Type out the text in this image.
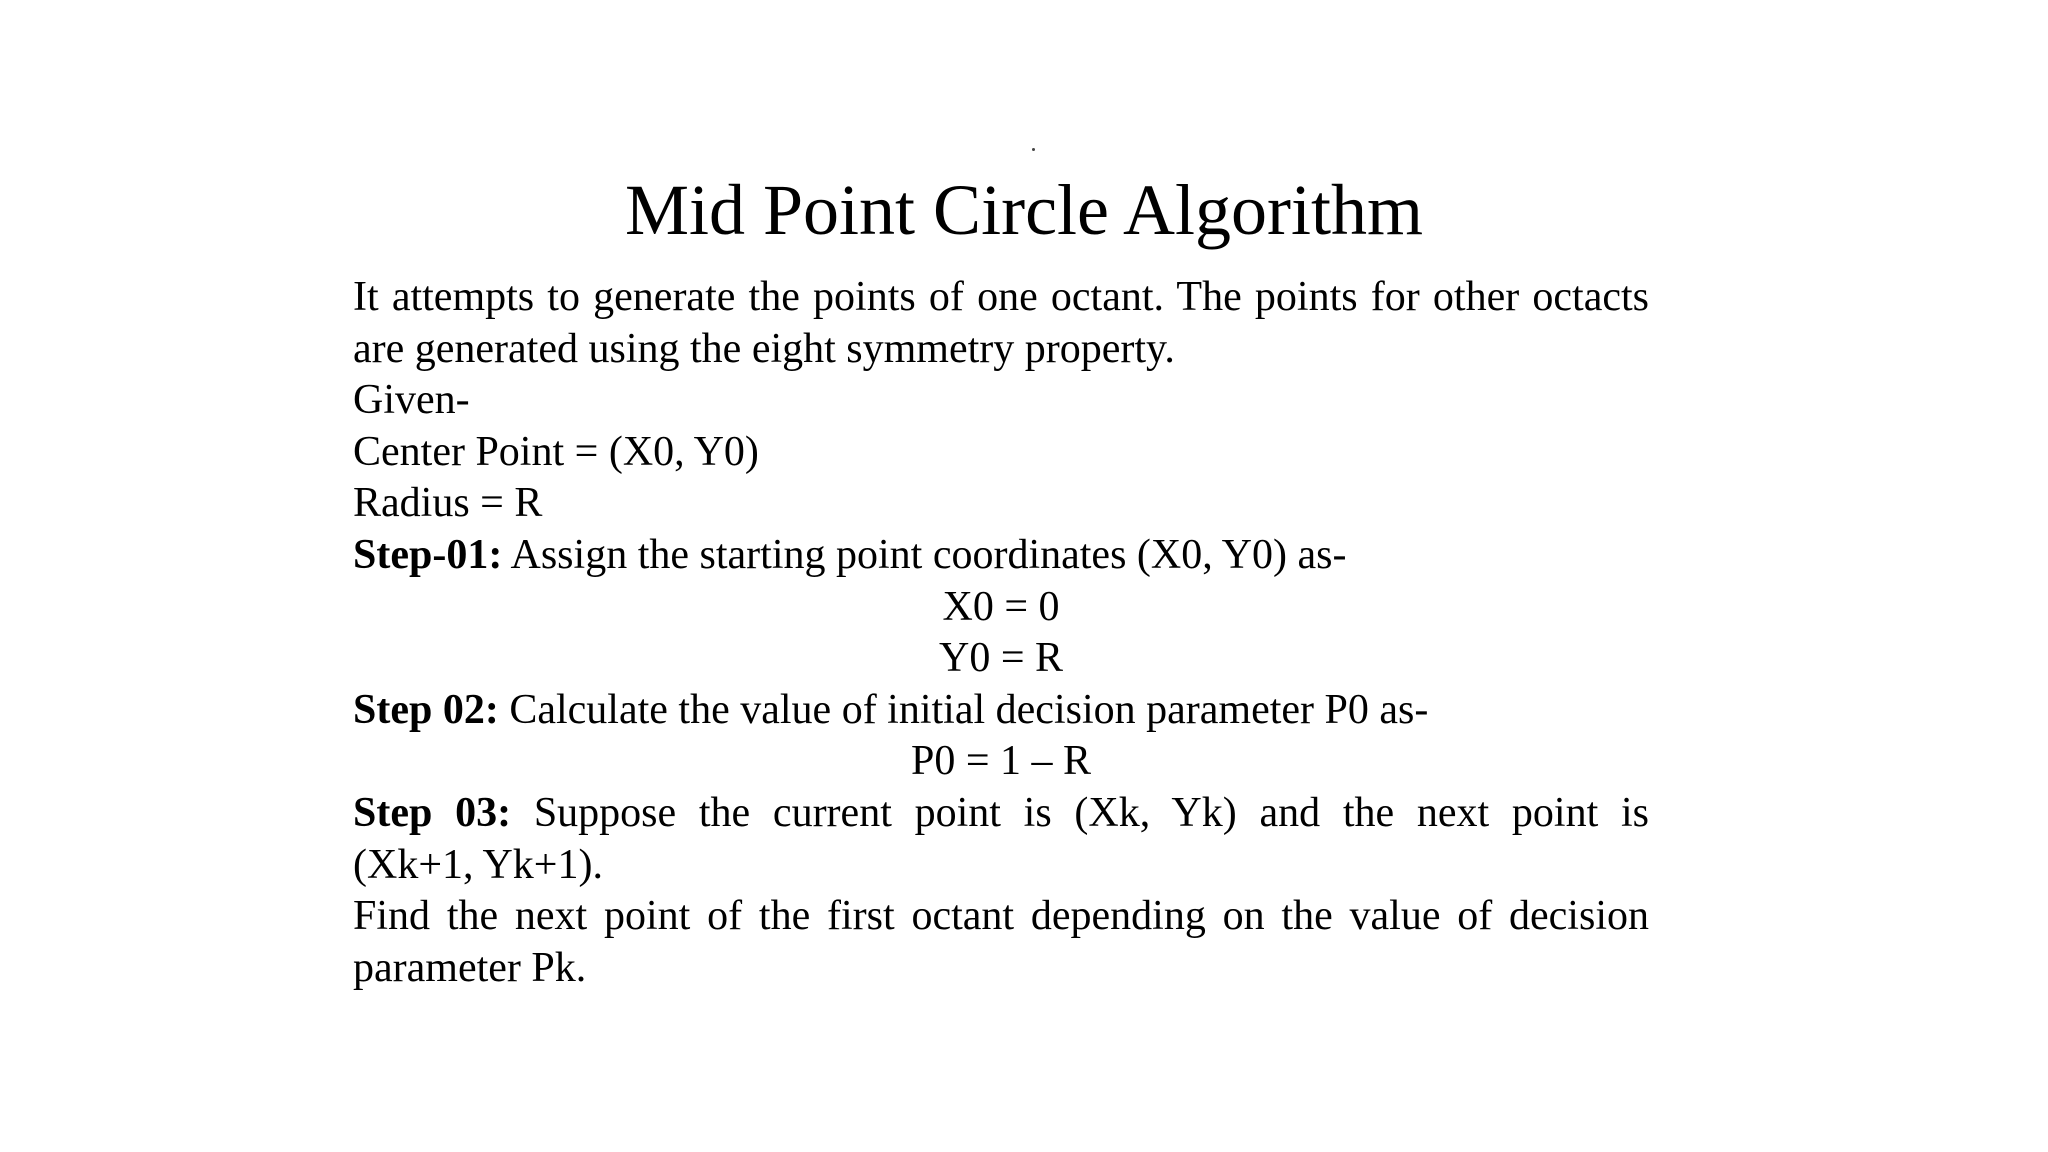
Mid Point Circle Algorithm
It attempts to generate the points of one octant. The points for other octacts
are generated using the eight symmetry property.
Given-
Center Point = (X0, Y0)
Radius = R
Step-01: Assign the starting point coordinates (X0, Y0) as-
X0 = 0
Y0 = R
Step 02: Calculate the value of initial decision parameter P0 as-
P0 = 1 – R
Step 03: Suppose the current point is (Xk, Yk) and the next point is
(Xk+1, Yk+1).
Find the next point of the first octant depending on the value of decision
parameter Pk.
